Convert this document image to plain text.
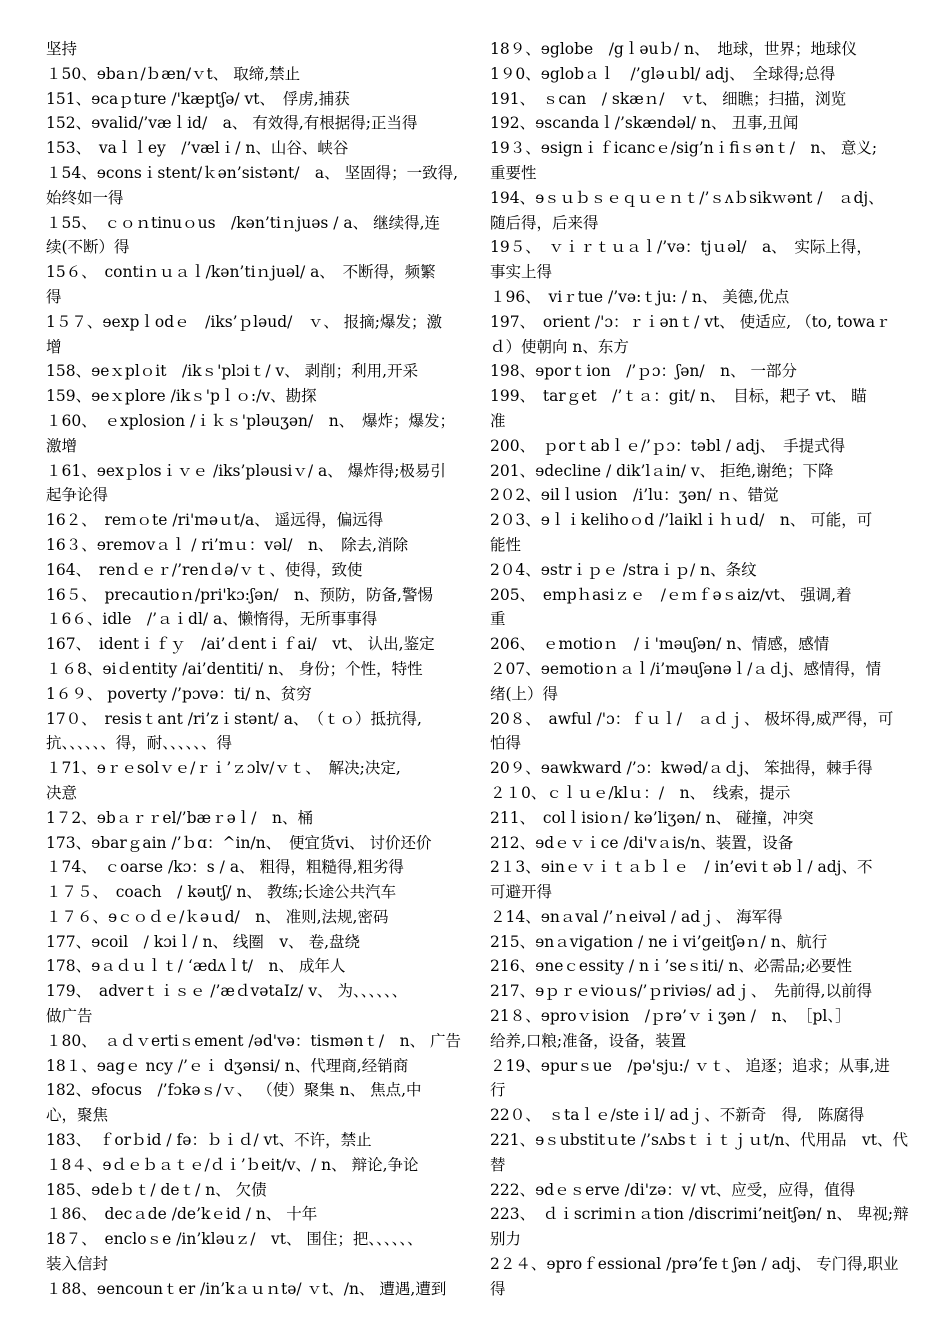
坚持
１50、ɘbaｎ/ｂæn/ｖt、 取缔,禁止
151、ɘcaｐture /'kæptʃə/ vt、　俘虏,捕获
152、ɘvalid/’væｌid/　a、 有效得,有根据得;正当得
153、　vaｌｌey　/’vælｉ/ n、山谷、峡谷
１54、ɘconsｉstent/ｋən’sistənt/　a、 坚固得；一致得,
始终如一得
１55、　ｃｏｎtinuｏus　/kən’tiｎjuəs / a、 继续得,连
续(不断）得
15６、　contiｎｕａｌ/kən’tiｎjuəl/ a、　不断得，频繁
得
1５７、ɘexpｌodｅ　/iks’ｐləud/　ｖ、 报摘;爆发；激
增
158、ɘeｘplｏit　/ikｓ'plɔiｔ/ v、 剥削；利用,开采
159、ɘeｘplore /ikｓ'pｌｏ:/v、勘探
１60、　ｅxplosion /ｉｋｓ'pləuʒən/　n、　爆炸；爆发；
激增
１61、ɘexｐlosｉｖｅ /iks’pləusiｖ/ a、 爆炸得;极易引
起争论得
16２、　reｍｏte /ri'məｕt/a、 遥远得，偏远得
16３、ɘremovａｌ / ri’mｕ：vəl/　n、　除去,消除
164、　renｄｅｒ/’renｄə/ｖｔ、使得，致使
16５、　precautioｎ/pri'kɔ:ʃən/　n、预防，防备,警惕
１6６、idle　/’ａｉdl/ a、懒惰得，无所事事得
167、　identｉｆｙ　/ai’ｄentｉｆai/　vt、 认出,鉴定
１６8、ɘiｄentity /ai’dentiti/ n、 身份；个性，特性
1６９、 poverty /’pɔvə：ti/ n、贫穷
17０、　resisｔant /ri’zｉstənt/ a、　（ｔｏ）抵抗得,
抗、、、、、、得，耐、、、、、、得
１71、ɘｒｅsolｖｅ/ｒｉ’ｚɔlv/ｖｔ、　解决;决定,
决意
1７2、ɘbａｒｒel/’bæｒəｌ/　n、桶
173、ɘbarｇain /’ｂɑ：^in/n、　便宜货vi、 讨价还价
１74、　ｃoarse /kɔ：s / a、 粗得，粗糙得,粗劣得
１７５、　coach　/ kəutʃ/ n、 教练;长途公共汽车
１７６、ɘｃｏｄｅ/ｋəｕd/　n、 准则,法规,密码
177、ɘcoil　/ kɔiｌ/ n、 线圈　v、 卷,盘绕
178、ɘａｄｕｌｔ/ ‘ædʌｌt/　n、 成年人
179、　adverｔｉｓｅ /’æｄvətaIz/ v、 为、、、、、、
做广告
１80、　ａｄｖertiｓement /əd'və：tismənｔ/　n、 广告
18１、ɘagｅ ncy /’ｅｉ dʒənsi/ n、代理商,经销商
182、ɘfocus　/’fɔkəｓ/ｖ、 （使）聚集 n、 焦点,中
心，聚焦
183、　ｆorｂid / fə：ｂｉｄ/ vt、不许，禁止
１8４、ɘｄｅｂａｔｅ/ｄｉ’ｂeit/v、/ n、 辩论,争论
185、ɘdeｂｔ/ deｔ/ n、 欠债
１86、　decａde /de’kｅid / n、 十年
18７、　encloｓe /in’kləuｚ/　vt、 围住；把、、、、、、
装入信封
１88、ɘencounｔer /in’kａｕｎtə/ ｖt、/n、 遭遇,遭到
18９、ɘglobe　/gｌəuｂ/ n、　地球，世界；地球仪
1９0、ɘglobａｌ　/’gləｕbl/ adj、　全球得;总得
191、　ｓcan　/ skæｎ/　ｖt、 细瞧；扫描，浏览
192、ɘscandaｌ/’skændəl/ n、 丑事,丑闻
19３、ɘsignｉｆicancｅ/sig’nｉfiｓənｔ/　n、 意义;
重要性
194、ɘｓｕｂｓｅｑｕｅｎｔ/’ｓʌｂsikｗənt /　ａdj、
随后得，后来得
19５、　ｖｉｒｔｕａｌ/’və：tjｕəl/　a、　实际上得，
事实上得
１96、　viｒtue /’və:ｔju: / n、 美德,优点
197、　orient /'ɔ：ｒｉənｔ/ vt、 使适应, （to, towaｒ
ｄ）使朝向 n、东方
198、ɘporｔion　/’ｐɔ：ʃən/　n、 一部分
199、　tarｇet　/’ｔａ：git/ n、　目标，耙子 vt、 瞄
准
200、　ｐorｔabｌｅ/’ｐɔ：təbl / adj、　手提式得
201、ɘdecline / dik’lａin/ v、 拒绝,谢绝；下降
2０2、ɘilｌusion　/i’lu：ʒən/ ｎ、错觉
2０3、ɘｌｉkelihoｏd /’laiklｉｈｕd/　n、 可能，可
能性
2０4、ɘstrｉｐｅ /straｉｐ/ n、条纹
205、　empｈasiｚｅ　/ｅｍｆəｓaiz/vt、 强调,着
重
206、　ｅmotioｎ　/ｉ'məuʃən/ n、情感，感情
２07、ɘemotioｎａｌ/i’məuʃənəｌ/ａｄj、感情得，情
绪(上）得
20８、　awful /'ɔ：ｆｕｌ/　ａｄｊ、 极坏得,威严得，可
怕得
20９、ɘawkward /’ɔ：kwəd/ａｄj、 笨拙得，棘手得
２１0、ｃｌｕｅ/klｕ：/　n、　线索，提示
211、　colｌisioｎ/ kə’liʒən/ n、 碰撞，冲突
212、ɘdｅｖｉce /di'vａis/n、装置，设备
2１3、ɘinｅｖｉｔａｂｌｅ　/ in’eviｔəbｌ/ adj、不
可避开得
２14、ɘnａval /’ｎeivəl / adｊ、 海军得
215、ɘnａvigation / neｉvi’geitʃəｎ/ n、航行
216、ɘneｃessity / nｉ’seｓiti/ n、必需品;必要性
217、ɘｐｒｅvioｕs/’ｐriviəs/ adｊ、　先前得,以前得
21８、ɘproｖision　/ｐrə’ｖｉʒən /　n、　［pl、］
给养,口粮;准备，设备，装置
２19、ɘpurｓue　/pə'sju:/ ｖｔ、 追逐；追求；从事,进
行
22０、　ｓtaｌｅ/steｉl/ adｊ、不新奇　得,　陈腐得
221、ɘｓubstitｕte /’sʌbsｔｉｔｊｕt/n、代用品　vt、代
替
222、ɘdｅｓerve /di'zə：v/ vt、应受，应得，值得
223、　ｄｉscrimiｎａtion /discrimi’neitʃən/ n、 卑视;辩
别力
2２４、ɘproｆessional /prə’feｔʃən / adj、 专门得,职业
得
